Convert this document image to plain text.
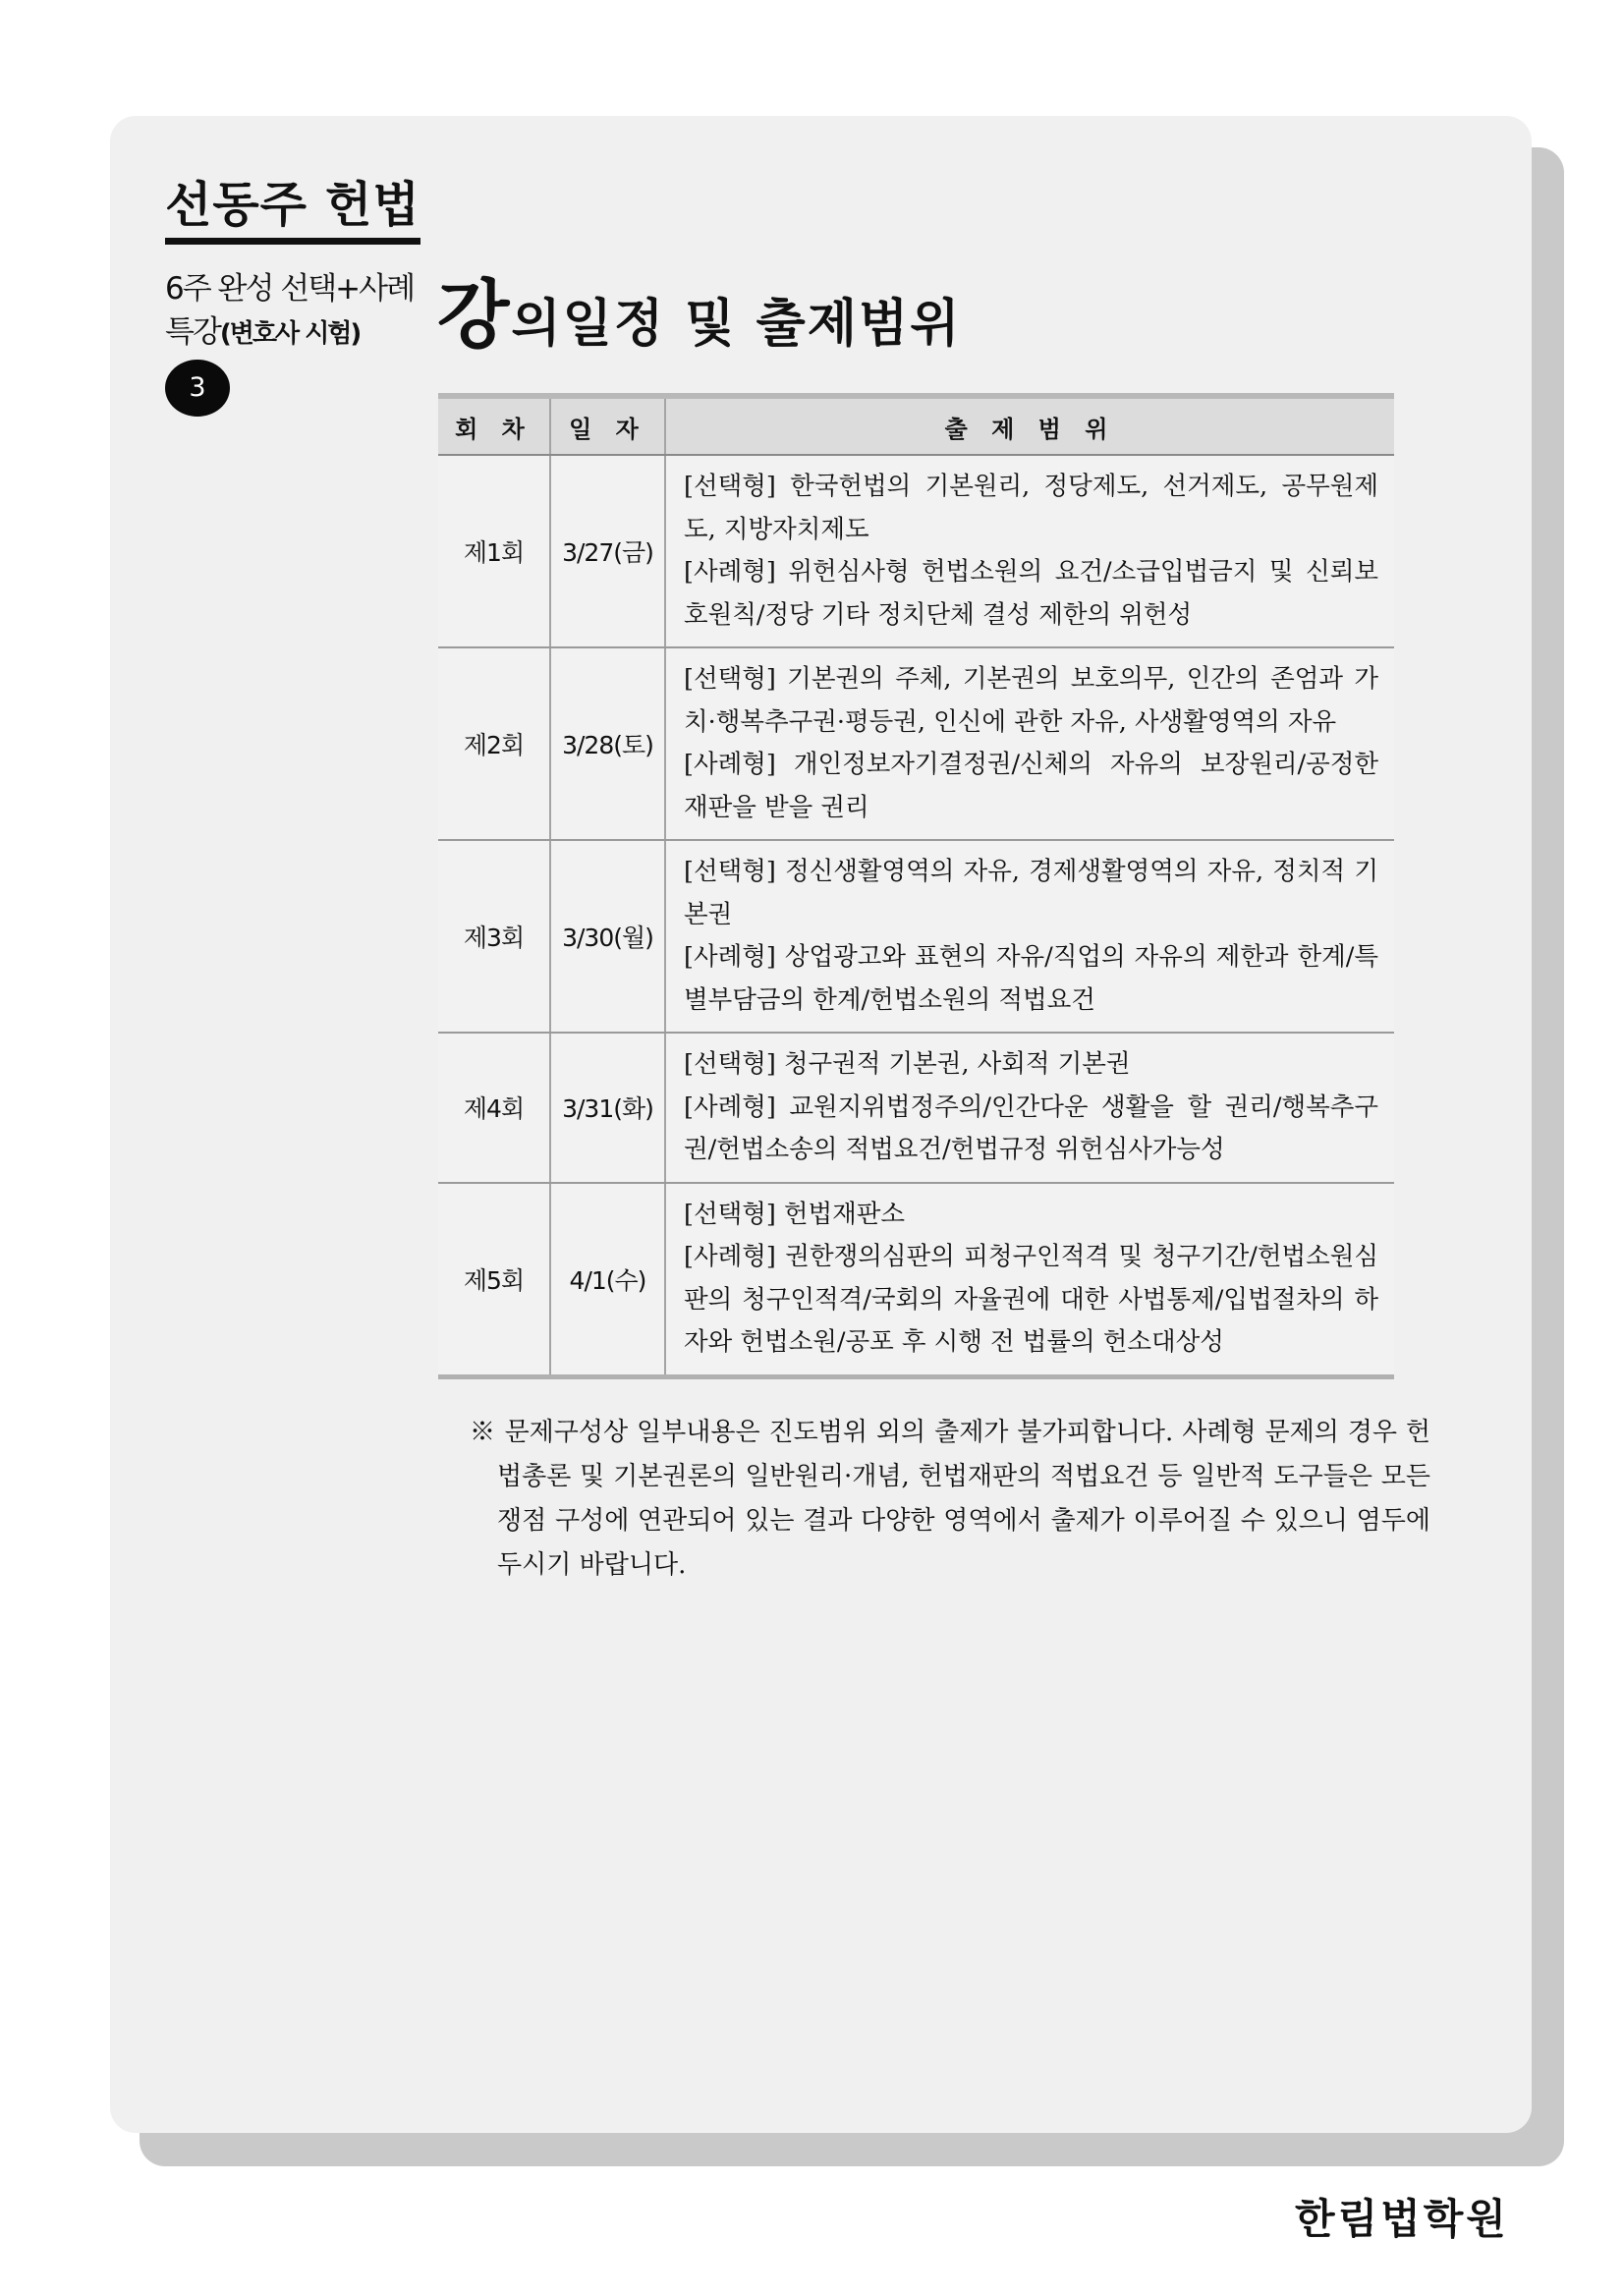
선동주 헌법
6주 완성 선택+사례
특강(변호사 시험)
3
강의일정 및 출제범위
회 차	일 자	출 제 범 위
제1회	3/27(금)	[선택형] 한국헌법의 기본원리, 정당제도, 선거제도, 공무원제도, 지방자치제도

[사례형] 위헌심사형 헌법소원의 요건/소급입법금지 및 신뢰보호원칙/정당 기타 정치단체 결성 제한의 위헌성

제2회	3/28(토)	[선택형] 기본권의 주체, 기본권의 보호의무, 인간의 존엄과 가치·행복추구권·평등권, 인신에 관한 자유, 사생활영역의 자유

[사례형] 개인정보자기결정권/신체의 자유의 보장원리/공정한 재판을 받을 권리

제3회	3/30(월)	[선택형] 정신생활영역의 자유, 경제생활영역의 자유, 정치적 기본권

[사례형] 상업광고와 표현의 자유/직업의 자유의 제한과 한계/특별부담금의 한계/헌법소원의 적법요건

제4회	3/31(화)	[선택형] 청구권적 기본권, 사회적 기본권

[사례형] 교원지위법정주의/인간다운 생활을 할 권리/행복추구권/헌법소송의 적법요건/헌법규정 위헌심사가능성

제5회	4/1(수)	[선택형] 헌법재판소

[사례형] 권한쟁의심판의 피청구인적격 및 청구기간/헌법소원심판의 청구인적격/국회의 자율권에 대한 사법통제/입법절차의 하자와 헌법소원/공포 후 시행 전 법률의 헌소대상성

※ 문제구성상 일부내용은 진도범위 외의 출제가 불가피합니다. 사례형 문제의 경우 헌법총론 및 기본권론의 일반원리·개념, 헌법재판의 적법요건 등 일반적 도구들은 모든 쟁점 구성에 연관되어 있는 결과 다양한 영역에서 출제가 이루어질 수 있으니 염두에 두시기 바랍니다.
한림법학원
